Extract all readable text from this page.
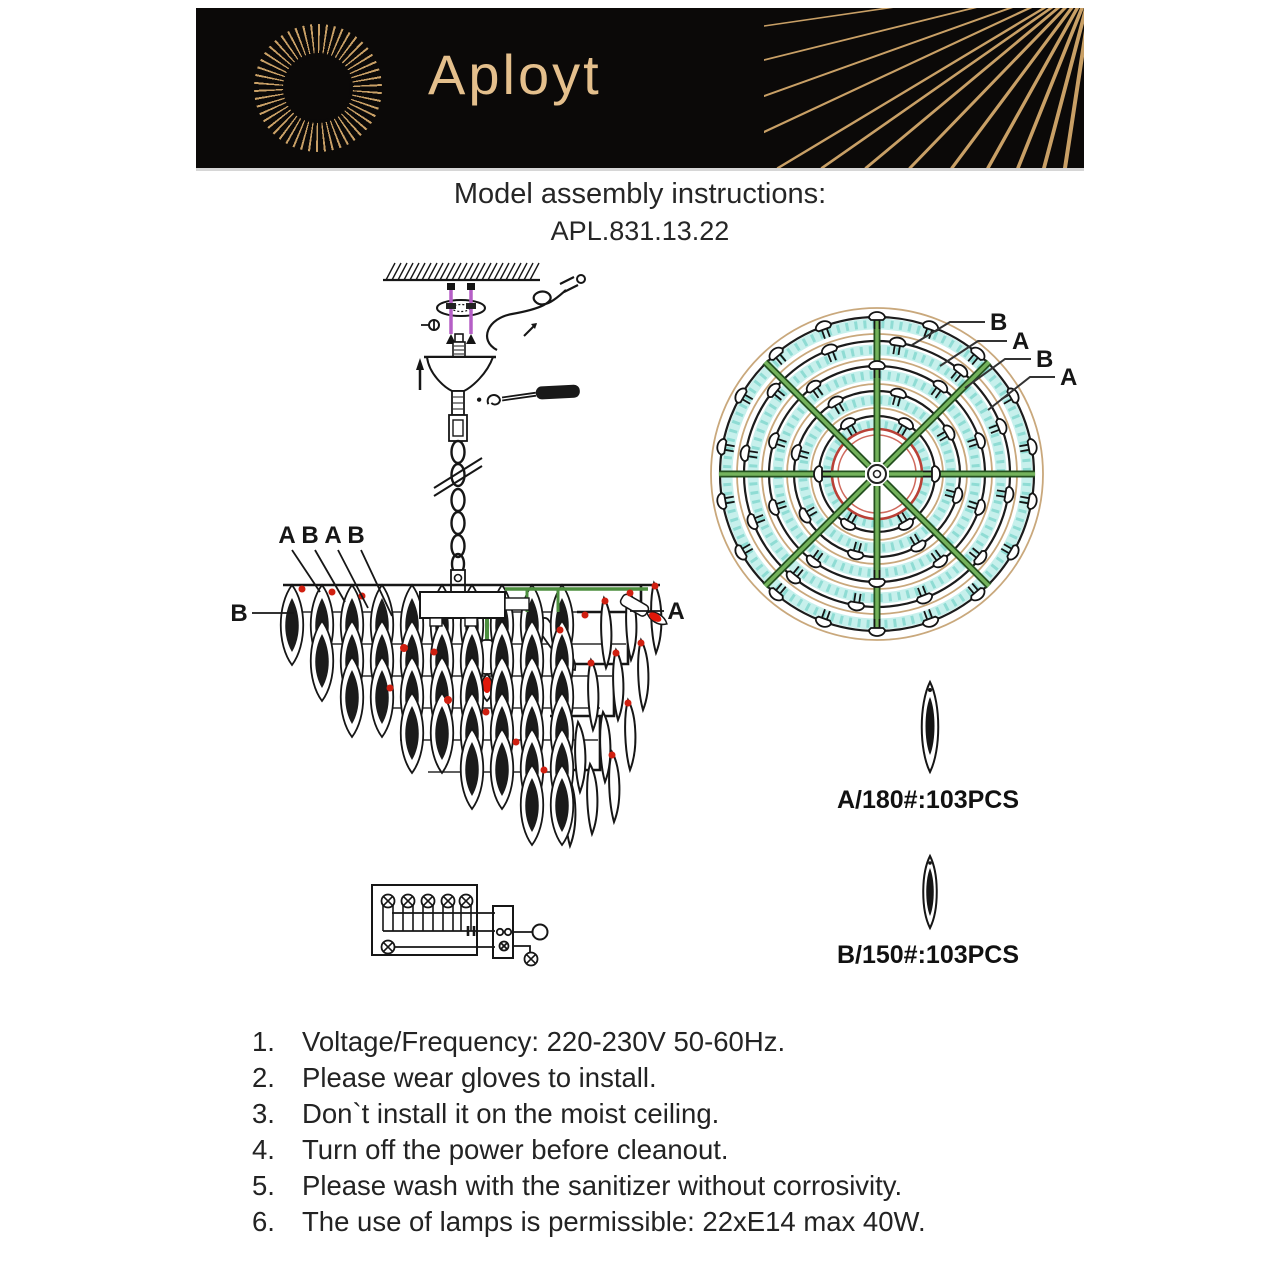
Aployt
Model assembly instructions:
APL.831.13.22
A B A B
B	A
B
A
B
A
A/180#:103PCS
B/150#:103PCS
1. Voltage/Frequency: 220-230V 50-60Hz.
2. Please wear gloves to install.
3. Don`t install it on the moist ceiling.
4. Turn off the power before cleanout.
5. Please wash with the sanitizer without corrosivity.
6. The use of lamps is permissible: 22xE14 max 40W.
